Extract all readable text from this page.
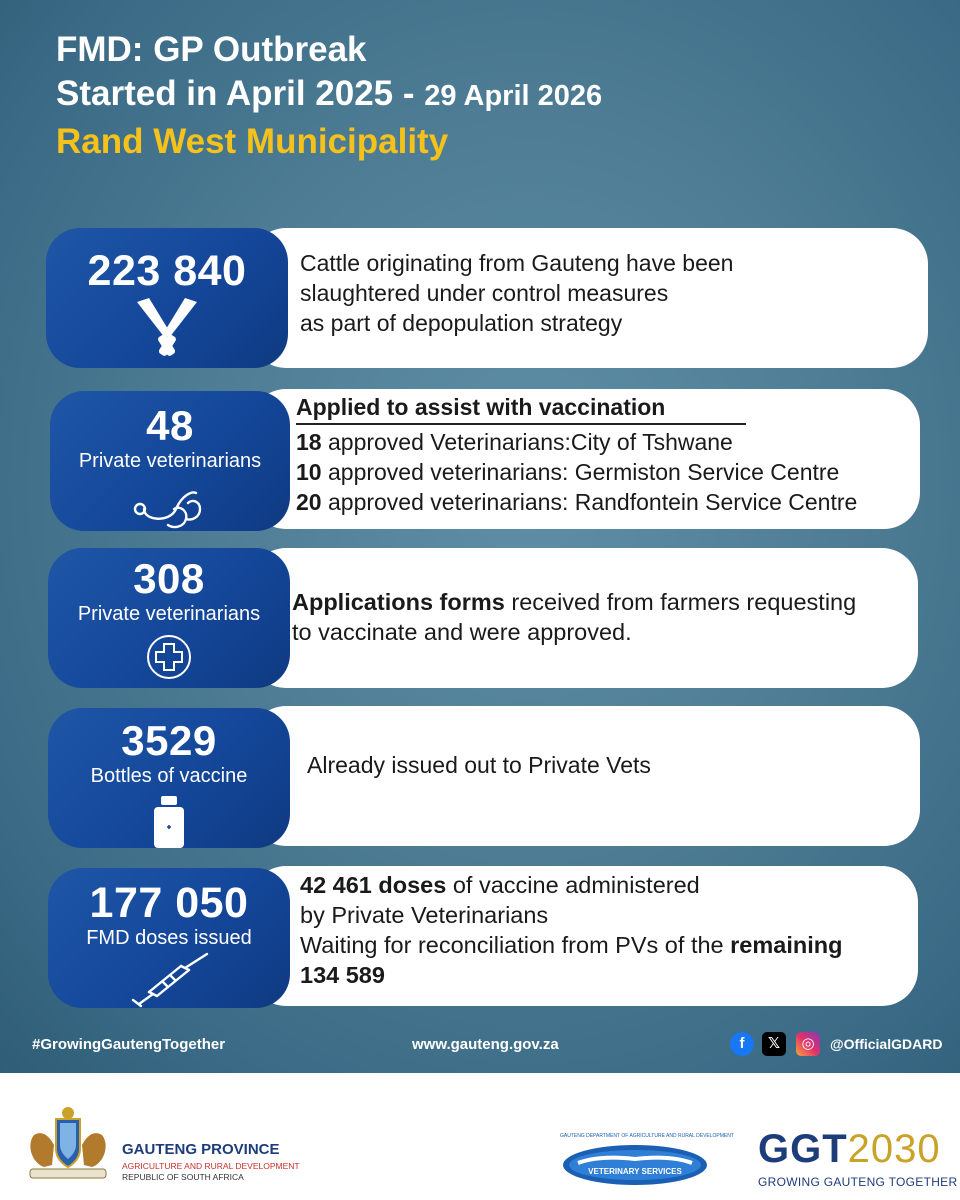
FMD: GP Outbreak
Started in April 2025 - 29 April 2026
Rand West Municipality
223 840	Cattle originating from Gauteng have been
slaughtered under control measures
as part of depopulation strategy
48
Private veterinarians
Applied to assist with vaccination
18 approved Veterinarians:City of Tshwane
10 approved veterinarians: Germiston Service Centre
20 approved veterinarians: Randfontein Service Centre
308
Private veterinarians	Applications forms received from farmers requesting
to vaccinate and were approved.
3529
Bottles of vaccine	Already issued out to Private Vets
177 050
FMD doses issued
42 461 doses of vaccine administered
by Private Veterinarians
Waiting for reconciliation from PVs of the remaining
134 589
#GrowingGautengTogether	www.gauteng.gov.za	f	𝕏	◎	@OfficialGDARD
GAUTENG PROVINCE
AGRICULTURE AND RURAL DEVELOPMENT
REPUBLIC OF SOUTH AFRICA
GAUTENG DEPARTMENT OF AGRICULTURE AND RURAL DEVELOPMENT
VETERINARY SERVICES
GGT2030
GROWING GAUTENG TOGETHER
